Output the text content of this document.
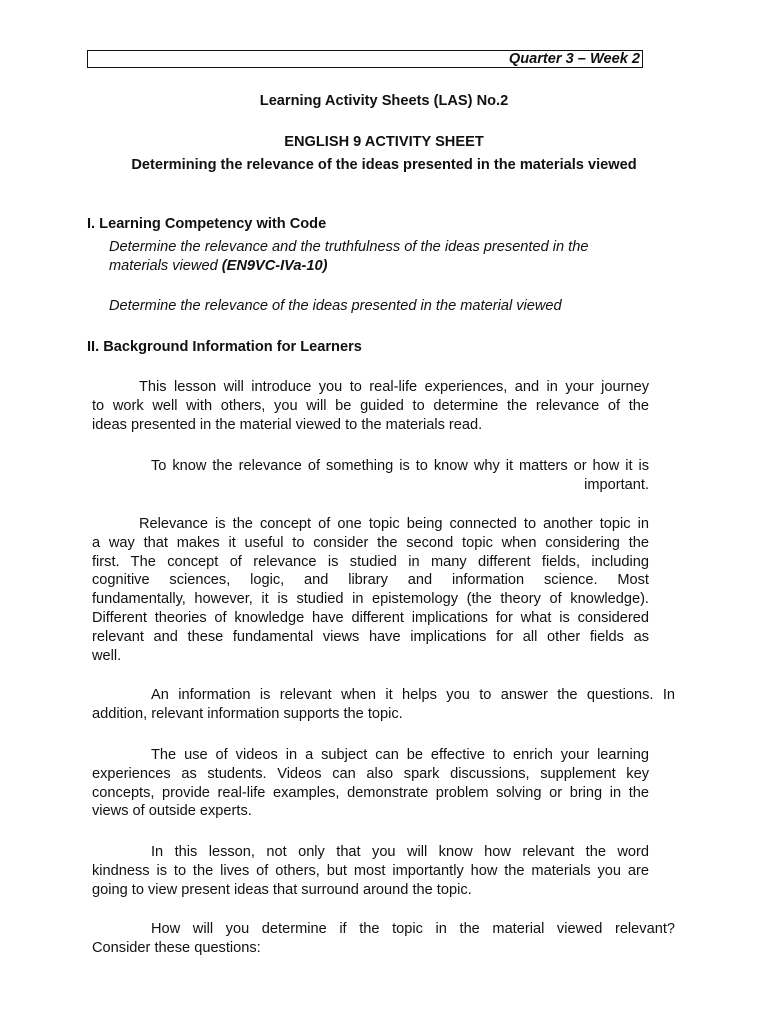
Quarter 3 – Week 2
Learning Activity Sheets (LAS) No.2
ENGLISH 9 ACTIVITY SHEET
Determining the relevance of the ideas presented in the materials viewed
I. Learning Competency with Code
Determine the relevance and the truthfulness of the ideas presented in the
materials viewed (EN9VC-IVa-10)
Determine the relevance of the ideas presented in the material viewed
II. Background Information for Learners
This lesson will introduce you to real-life experiences, and in your journey
to work well with others, you will be guided to determine the relevance of the
ideas presented in the material viewed to the materials read.
To know the relevance of something is to know why it matters or how it is
important.
Relevance is the concept of one topic being connected to another topic in
a way that makes it useful to consider the second topic when considering the
first. The concept of relevance is studied in many different fields, including
cognitive sciences, logic, and library and information science. Most
fundamentally, however, it is studied in epistemology (the theory of knowledge).
Different theories of knowledge have different implications for what is considered
relevant and these fundamental views have implications for all other fields as
well.
An information is relevant when it helps you to answer the questions. In
addition, relevant information supports the topic.
The use of videos in a subject can be effective to enrich your learning
experiences as students. Videos can also spark discussions, supplement key
concepts, provide real-life examples, demonstrate problem solving or bring in the
views of outside experts.
In this lesson, not only that you will know how relevant the word
kindness is to the lives of others, but most importantly how the materials you are
going to view present ideas that surround around the topic.
How will you determine if the topic in the material viewed relevant?
Consider these questions:
